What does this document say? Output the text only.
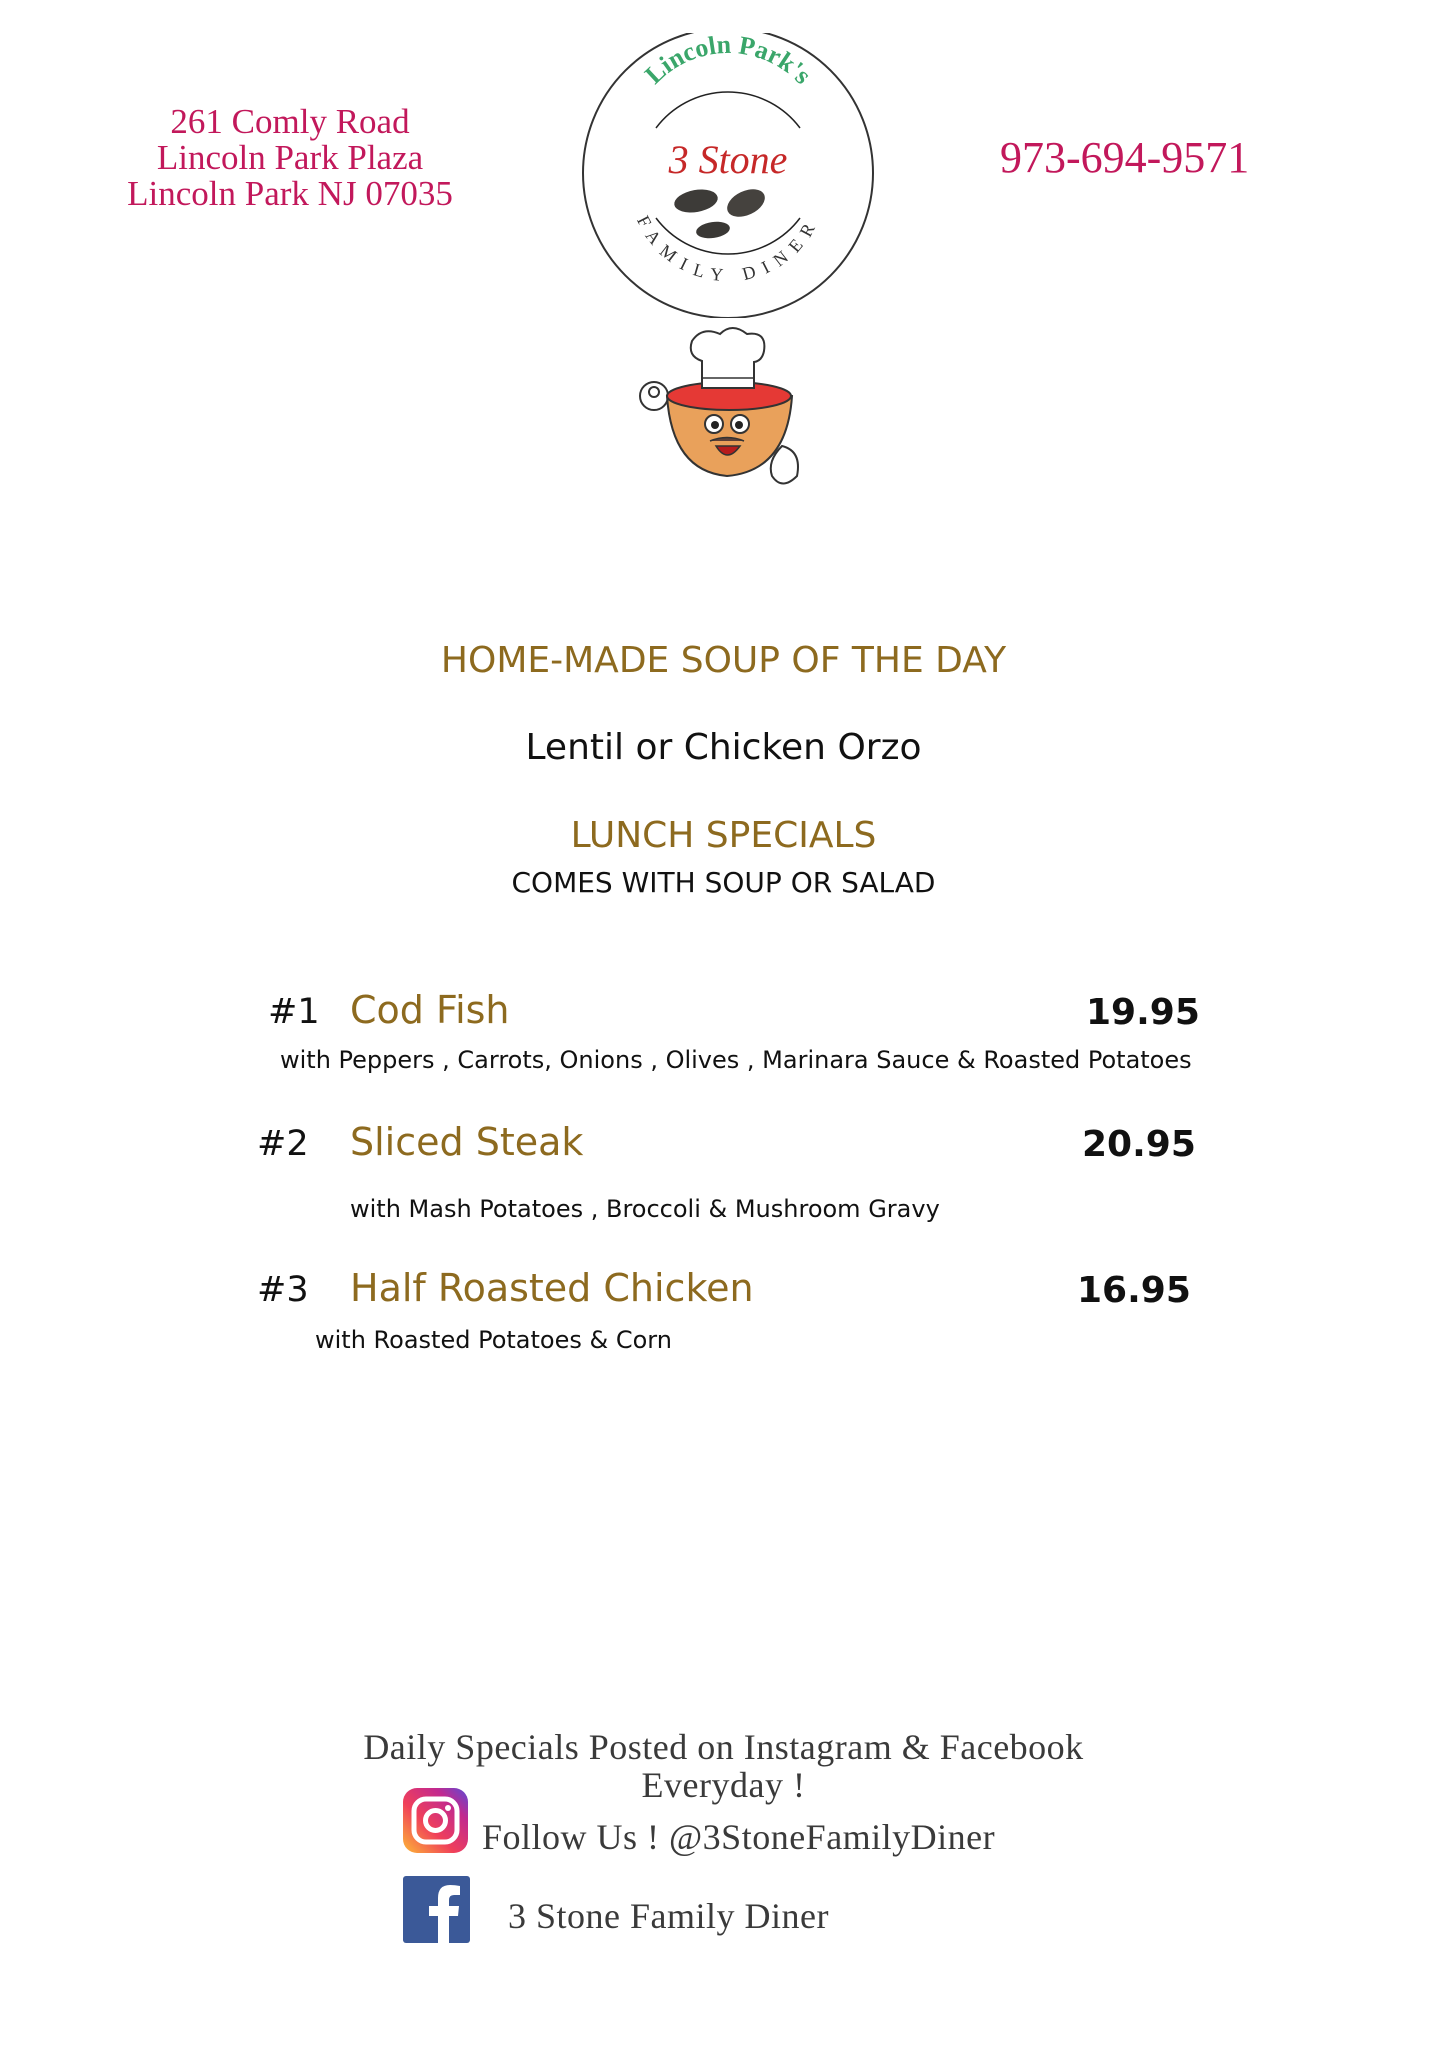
261 Comly Road
Lincoln Park Plaza
Lincoln Park NJ 07035
Lincoln Park's
3 Stone
FAMILY DINER
973-694-9571
HOME-MADE SOUP OF THE DAY
Lentil or Chicken Orzo
LUNCH SPECIALS
COMES WITH SOUP OR SALAD
#1 Cod Fish	19.95
with Peppers , Carrots, Onions , Olives , Marinara Sauce & Roasted Potatoes
#2 Sliced Steak	20.95
with Mash Potatoes , Broccoli & Mushroom Gravy
#3 Half Roasted Chicken	16.95
with Roasted Potatoes & Corn
Daily Specials Posted on Instagram & Facebook
Everyday !
Follow Us ! @3StoneFamilyDiner
3 Stone Family Diner
